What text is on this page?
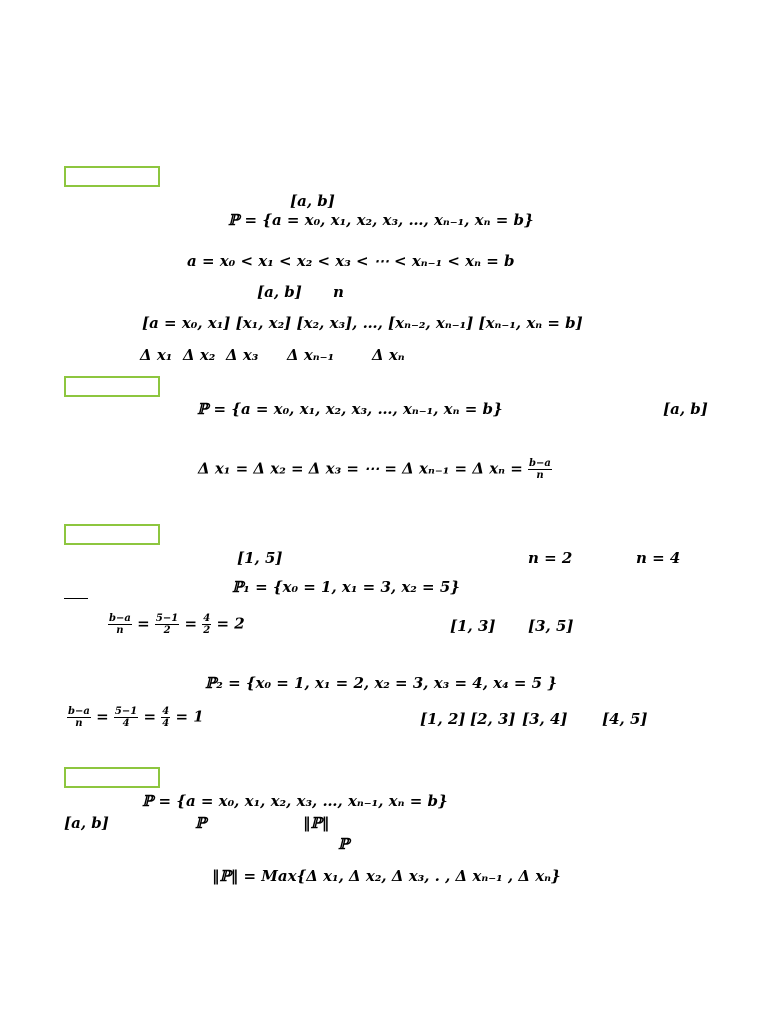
[a, b]
ℙ = {a = x₀, x₁, x₂, x₃, …, xₙ₋₁, xₙ = b}
a = x₀ < x₁ < x₂ < x₃ < ⋯ < xₙ₋₁ < xₙ = b
[a, b] n
[a = x₀, x₁] [x₁, x₂] [x₂, x₃], …, [xₙ₋₂, xₙ₋₁] [xₙ₋₁, xₙ = b]
Δ x₁ Δ x₂ Δ x₃ Δ xₙ₋₁	Δ xₙ
ℙ = {a = x₀, x₁, x₂, x₃, …, xₙ₋₁, xₙ = b}	[a, b]
Δ x₁ = Δ x₂ = Δ x₃ = ⋯ = Δ xₙ₋₁ = Δ $x_n = \frac{b-a}{n}$
[1, 5]	n = 2	n = 4
ℙ₁ = {x₀ = 1, x₁ = 3, x₂ = 5}
$\frac{b-a}{n} = \frac{5-1}{2} = \frac{4}{2} = 2$	[1, 3] [3, 5]
ℙ₂ = {x₀ = 1, x₁ = 2, x₂ = 3, x₃ = 4, x₄ = 5 }
$\frac{b-a}{n} = \frac{5-1}{4} = \frac{4}{4} = 1$	[1, 2] [2, 3] [3, 4] [4, 5]
ℙ = {a = x₀, x₁, x₂, x₃, …, xₙ₋₁, xₙ = b}
[a, b]	ℙ	‖ℙ‖
ℙ
‖ℙ‖ = Max{Δ x₁, Δ x₂, Δ x₃, . , Δ xₙ₋₁ , Δ xₙ}
